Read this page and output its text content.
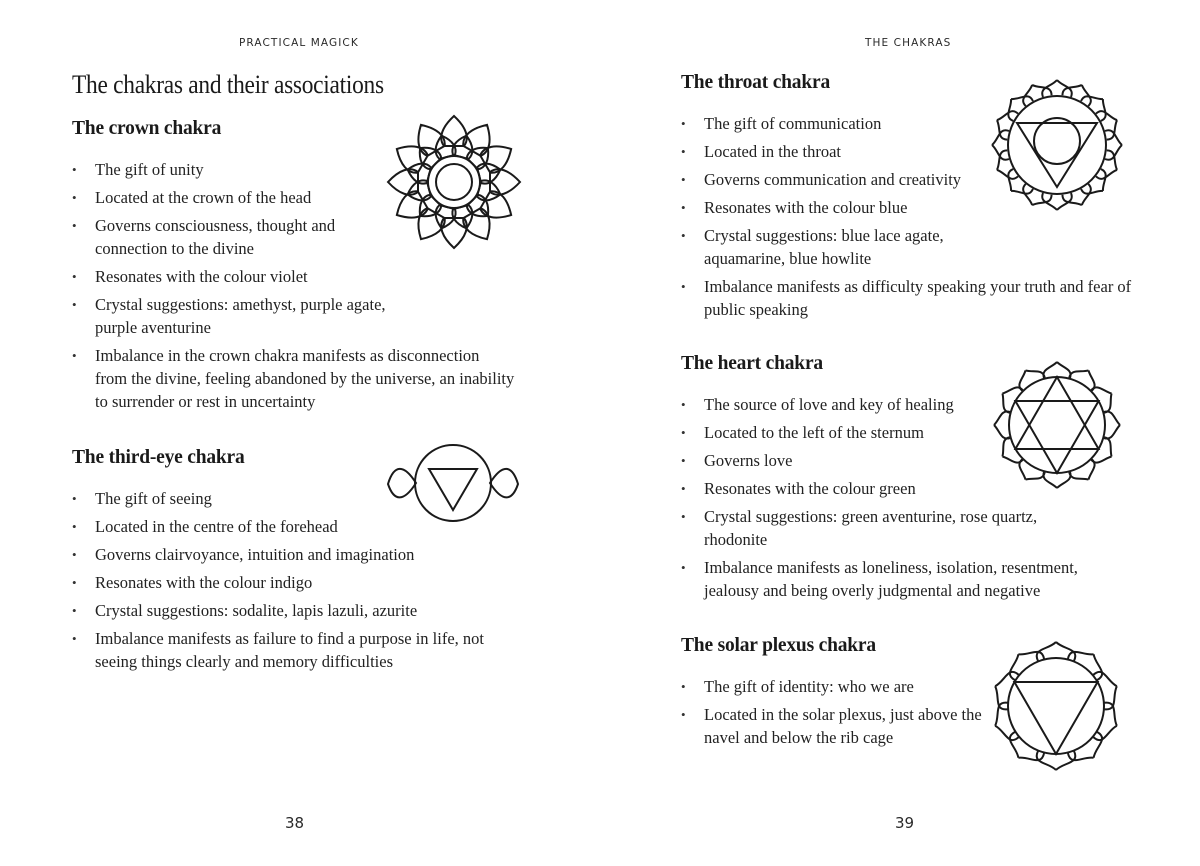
PRACTICAL MAGICK
The chakras and their associations
The crown chakra
• The gift of unity
• Located at the crown of the head
• Governs consciousness, thought and connection to the divine
• Resonates with the colour violet
• Crystal suggestions: amethyst, purple agate, purple aventurine
• Imbalance in the crown chakra manifests as disconnection from the divine, feeling abandoned by the universe, an inability to surrender or rest in uncertainty
The third-eye chakra
• The gift of seeing
• Located in the centre of the forehead
• Governs clairvoyance, intuition and imagination
• Resonates with the colour indigo
• Crystal suggestions: sodalite, lapis lazuli, azurite
• Imbalance manifests as failure to find a purpose in life, not seeing things clearly and memory difficulties
38
THE CHAKRAS
The throat chakra
• The gift of communication
• Located in the throat
• Governs communication and creativity
• Resonates with the colour blue
• Crystal suggestions: blue lace agate, aquamarine, blue howlite
• Imbalance manifests as difficulty speaking your truth and fear of public speaking
The heart chakra
• The source of love and key of healing
• Located to the left of the sternum
• Governs love
• Resonates with the colour green
• Crystal suggestions: green aventurine, rose quartz, rhodonite
• Imbalance manifests as loneliness, isolation, resentment, jealousy and being overly judgmental and negative
The solar plexus chakra
• The gift of identity: who we are
• Located in the solar plexus, just above the navel and below the rib cage
39
